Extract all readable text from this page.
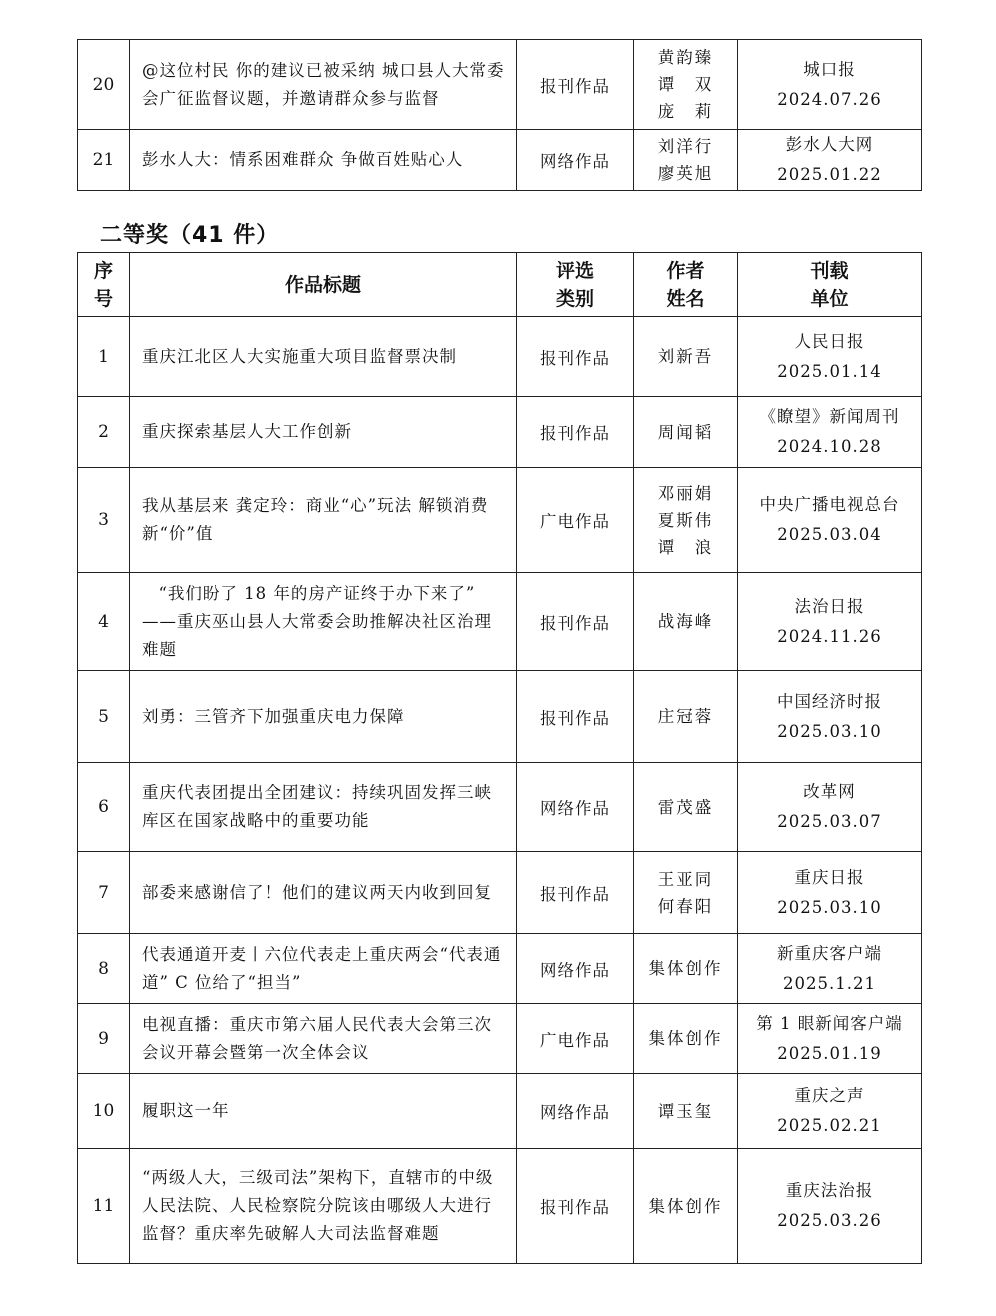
20	@这位村民 你的建议已被采纳 城口县人大常委会广征监督议题，并邀请群众参与监督	报刊作品	黄韵臻
谭　双
庞　莉	城口报
2024.07.26

21	彭水人大：情系困难群众 争做百姓贴心人	网络作品	刘洋行
廖英旭	彭水人大网
2025.01.22
二等奖（41 件）
序
号	作品标题	评选
类别	作者
姓名	刊载
单位

1	重庆江北区人大实施重大项目监督票决制	报刊作品	刘新吾	人民日报
2025.01.14

2	重庆探索基层人大工作创新	报刊作品	周闻韬	《瞭望》新闻周刊
2024.10.28

3	我从基层来 龚定玲：商业“心”玩法 解锁消费新“价”值	广电作品	邓丽娟
夏斯伟
谭　浪	中央广播电视总台
2025.03.04

4	“我们盼了 18 年的房产证终于办下来了”
——重庆巫山县人大常委会助推解决社区治理难题	报刊作品	战海峰	法治日报
2024.11.26

5	刘勇：三管齐下加强重庆电力保障	报刊作品	庄冠蓉	中国经济时报
2025.03.10

6	重庆代表团提出全团建议：持续巩固发挥三峡库区在国家战略中的重要功能	网络作品	雷茂盛	改革网
2025.03.07

7	部委来感谢信了！他们的建议两天内收到回复	报刊作品	王亚同
何春阳	重庆日报
2025.03.10

8	代表通道开麦丨六位代表走上重庆两会“代表通道” C 位给了“担当”	网络作品	集体创作	新重庆客户端
2025.1.21

9	电视直播：重庆市第六届人民代表大会第三次会议开幕会暨第一次全体会议	广电作品	集体创作	第 1 眼新闻客户端
2025.01.19

10	履职这一年	网络作品	谭玉玺	重庆之声
2025.02.21

11	“两级人大，三级司法”架构下，直辖市的中级人民法院、人民检察院分院该由哪级人大进行监督？重庆率先破解人大司法监督难题	报刊作品	集体创作	重庆法治报
2025.03.26
